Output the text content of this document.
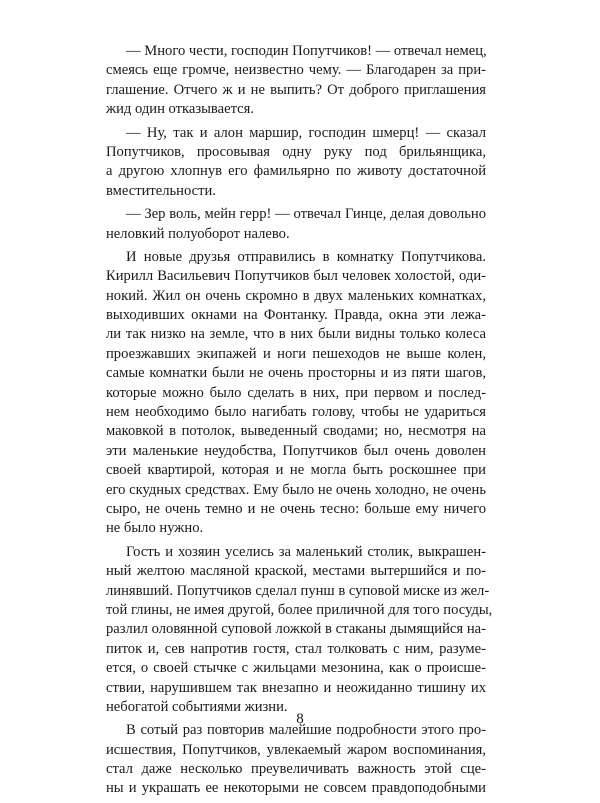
— Много чести, господин Попутчиков! — отвечал немец,
смеясь еще громче, неизвестно чему. — Благодарен за при-
глашение. Отчего ж и не выпить? От доброго приглашения
жид один отказывается.
— Ну, так и алон маршир, господин шмерц! — сказал
Попутчиков, просовывая одну руку под брильянщика,
а другою хлопнув его фамильярно по животу достаточной
вместительности.
— Зер воль, мейн герр! — отвечал Гинце, делая довольно
неловкий полуоборот налево.
И новые друзья отправились в комнатку Попутчикова.
Кирилл Васильевич Попутчиков был человек холостой, оди-
нокий. Жил он очень скромно в двух маленьких комнатках,
выходивших окнами на Фонтанку. Правда, окна эти лежа-
ли так низко на земле, что в них были видны только колеса
проезжавших экипажей и ноги пешеходов не выше колен,
самые комнатки были не очень просторны и из пяти шагов,
которые можно было сделать в них, при первом и послед-
нем необходимо было нагибать голову, чтобы не удариться
маковкой в потолок, выведенный сводами; но, несмотря на
эти маленькие неудобства, Попутчиков был очень доволен
своей квартирой, которая и не могла быть роскошнее при
его скудных средствах. Ему было не очень холодно, не очень
сыро, не очень темно и не очень тесно: больше ему ничего
не было нужно.
Гость и хозяин уселись за маленький столик, выкрашен-
ный желтою масляной краской, местами вытершийся и по-
линявший. Попутчиков сделал пунш в суповой миске из жел-
той глины, не имея другой, более приличной для того посуды,
разлил оловянной суповой ложкой в стаканы дымящийся на-
питок и, сев напротив гостя, стал толковать с ним, разуме-
ется, о своей стычке с жильцами мезонина, как о происше-
ствии, нарушившем так внезапно и неожиданно тишину их
небогатой событиями жизни.
В сотый раз повторив малейшие подробности этого про-
исшествия, Попутчиков, увлекаемый жаром воспоминания,
стал даже несколько преувеличивать важность этой сце-
ны и украшать ее некоторыми не совсем правдоподобными
8
